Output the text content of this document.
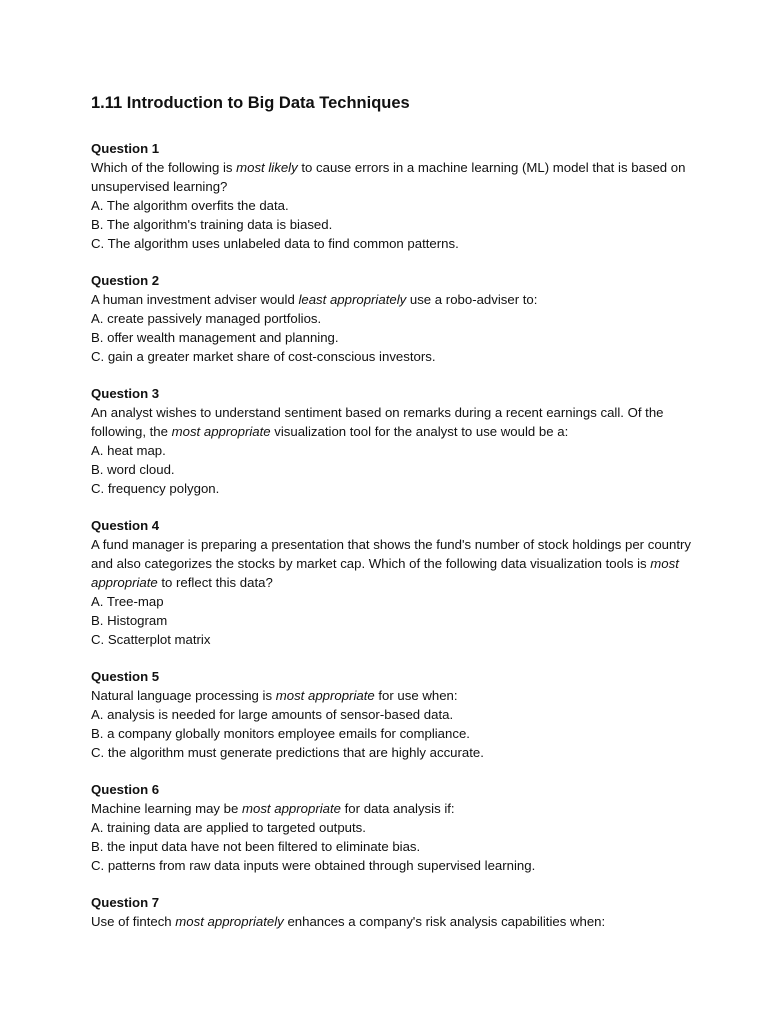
1.11 Introduction to Big Data Techniques
Question 1
Which of the following is most likely to cause errors in a machine learning (ML) model that is based on unsupervised learning?
A. The algorithm overfits the data.
B. The algorithm's training data is biased.
C. The algorithm uses unlabeled data to find common patterns.
Question 2
A human investment adviser would least appropriately use a robo-adviser to:
A. create passively managed portfolios.
B. offer wealth management and planning.
C. gain a greater market share of cost-conscious investors.
Question 3
An analyst wishes to understand sentiment based on remarks during a recent earnings call. Of the following, the most appropriate visualization tool for the analyst to use would be a:
A. heat map.
B. word cloud.
C. frequency polygon.
Question 4
A fund manager is preparing a presentation that shows the fund's number of stock holdings per country and also categorizes the stocks by market cap. Which of the following data visualization tools is most appropriate to reflect this data?
A. Tree-map
B. Histogram
C. Scatterplot matrix
Question 5
Natural language processing is most appropriate for use when:
A. analysis is needed for large amounts of sensor-based data.
B. a company globally monitors employee emails for compliance.
C. the algorithm must generate predictions that are highly accurate.
Question 6
Machine learning may be most appropriate for data analysis if:
A. training data are applied to targeted outputs.
B. the input data have not been filtered to eliminate bias.
C. patterns from raw data inputs were obtained through supervised learning.
Question 7
Use of fintech most appropriately enhances a company's risk analysis capabilities when:
